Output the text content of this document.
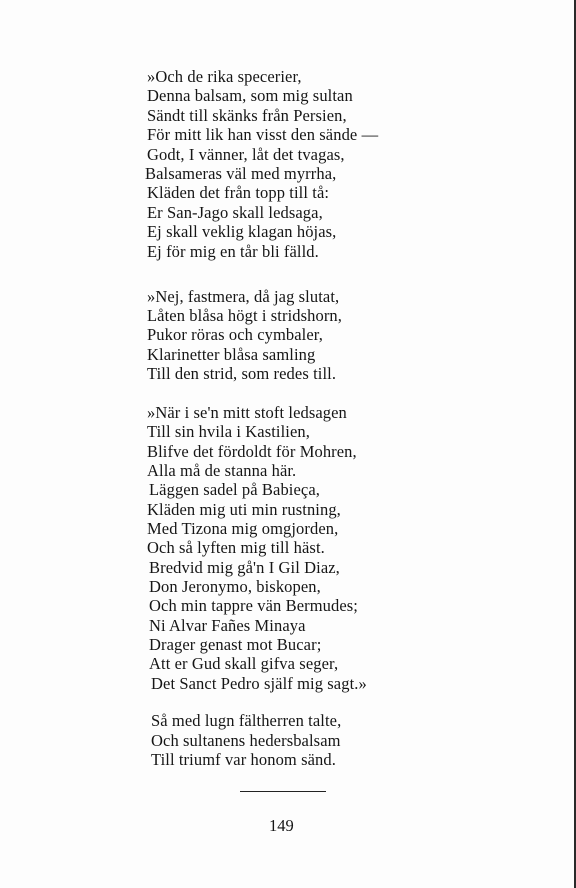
»Och de rika specerier,
Denna balsam, som mig sultan
Sändt till skänks från Persien,
För mitt lik han visst den sände —
Godt, I vänner, låt det tvagas,
Balsameras väl med myrrha,
Kläden det från topp till tå:
Er San-Jago skall ledsaga,
Ej skall veklig klagan höjas,
Ej för mig en tår bli fälld.
»Nej, fastmera, då jag slutat,
Låten blåsa högt i stridshorn,
Pukor röras och cymbaler,
Klarinetter blåsa samling
Till den strid, som redes till.
»När i se'n mitt stoft ledsagen
Till sin hvila i Kastilien,
Blifve det fördoldt för Mohren,
Alla må de stanna här.
Läggen sadel på Babieça,
Kläden mig uti min rustning,
Med Tizona mig omgjorden,
Och så lyften mig till häst.
Bredvid mig gå'n I Gil Diaz,
Don Jeronymo, biskopen,
Och min tappre vän Bermudes;
Ni Alvar Fañes Minaya
Drager genast mot Bucar;
Att er Gud skall gifva seger,
Det Sanct Pedro själf mig sagt.»
Så med lugn fältherren talte,
Och sultanens hedersbalsam
Till triumf var honom sänd.
149
